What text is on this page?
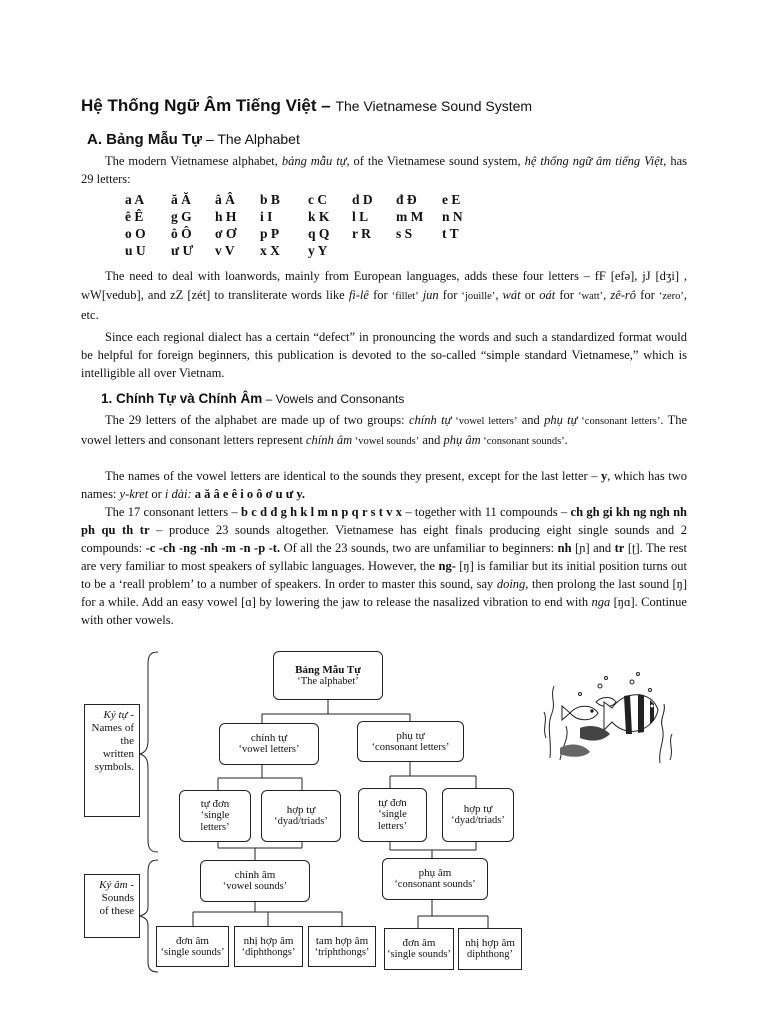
Hệ Thống Ngữ Âm Tiếng Việt – The Vietnamese Sound System
A. Bảng Mẫu Tự – The Alphabet
The modern Vietnamese alphabet, bảng mẫu tự, of the Vietnamese sound system, hệ thống ngữ âm tiếng Việt, has 29 letters:
a A ă Ă â Â b B c C d D đ Đ e E
ê Ê g G h H i I	k K l L m M n N
o O ô Ô ơ Ơ p P q Q r R s S t T
u U ư Ư v V x X y Y
The need to deal with loanwords, mainly from European languages, adds these four letters – fF [efə], jJ [dʒi] , wW[vedub], and zZ [zét] to transliterate words like fi-lê for ‘fillet’ jun for ‘jouille’, wát or oát for ‘watt’, zê-rô for ‘zero’, etc.
Since each regional dialect has a certain “defect” in pronouncing the words and such a standardized format would be helpful for foreign beginners, this publication is devoted to the so-called “simple standard Vietnamese,” which is intelligible all over Vietnam.
1. Chính Tự và Chính Âm – Vowels and Consonants
The 29 letters of the alphabet are made up of two groups: chính tự ‘vowel letters’ and phụ tự ‘consonant letters’. The vowel letters and consonant letters represent chính âm ‘vowel sounds’ and phụ âm ‘consonant sounds’.
The names of the vowel letters are identical to the sounds they present, except for the last letter – y, which has two names: y-kret or i dài: a ă â e ê i o ô ơ u ư y.
The 17 consonant letters – b c d đ g h k l m n p q r s t v x – together with 11 compounds – ch gh gi kh ng ngh nh ph qu th tr – produce 23 sounds altogether. Vietnamese has eight finals producing eight single sounds and 2 compounds: -c -ch -ng -nh -m -n -p -t. Of all the 23 sounds, two are unfamiliar to beginners: nh [ɲ] and tr [ʈ]. The rest are very familiar to most speakers of syllabic languages. However, the ng- [ŋ] is familiar but its initial position turns out to be a ‘reall problem’ to a number of speakers. In order to master this sound, say doing, then prolong the last sound [ŋ] for a while. Add an easy vowel [ɑ] by lowering the jaw to release the nasalized vibration to end with nga [ŋɑ]. Continue with other vowels.
Bảng Mẫu Tự
‘The alphabet’
chính tự
‘vowel letters’
phụ tự
‘consonant letters’
tự đơn
‘single letters’
hợp tự
‘dyad/triads’
tự đơn
‘single letters’
hợp tự
‘dyad/triads’
chính âm
‘vowel sounds’
phụ âm
‘consonant sounds’
đơn âm
‘single sounds’
nhị hợp âm
‘diphthongs’
tam hợp âm
‘triphthongs’
đơn âm
‘single sounds’
nhị hợp âm
diphthong’
Ký tự - Names of the written symbols.
Ký âm - Sounds of these
